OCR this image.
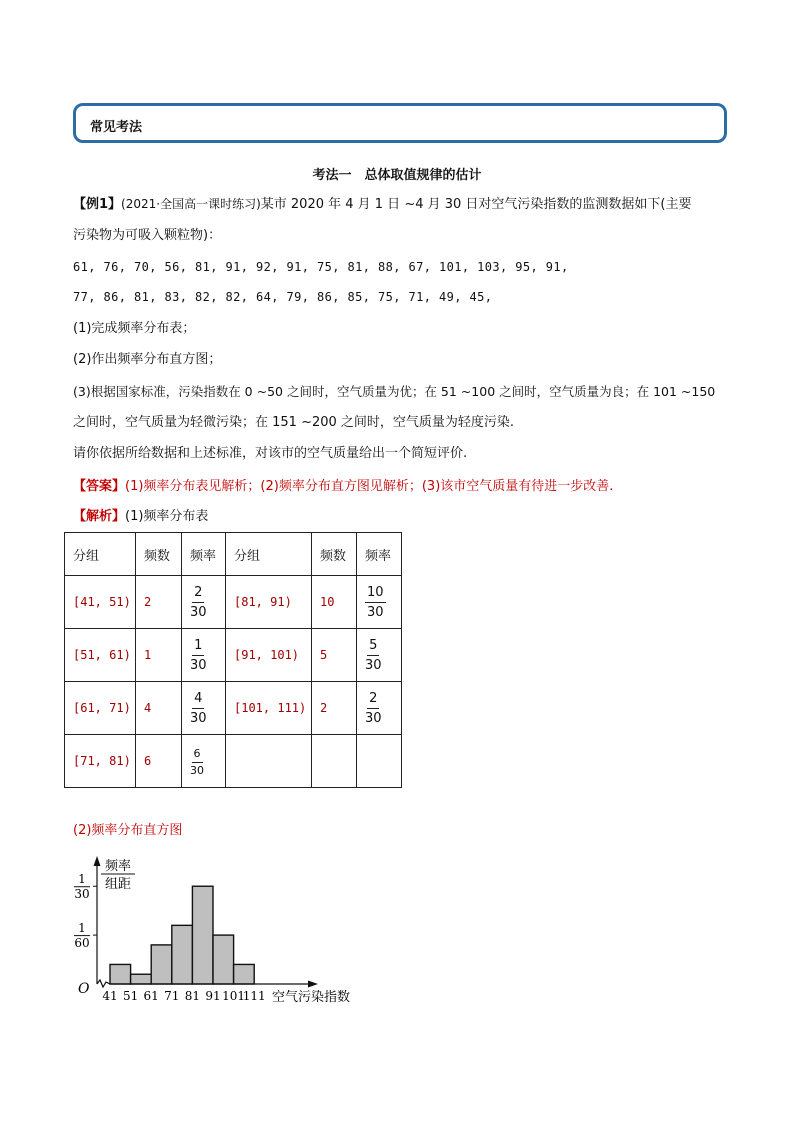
常见考法
考法一　总体取值规律的估计
【例1】(2021·全国高一课时练习)某市 2020 年 4 月 1 日 ~4 月 30 日对空气污染指数的监测数据如下(主要
污染物为可吸入颗粒物)：
61, 76, 70, 56, 81, 91, 92, 91, 75, 81, 88, 67, 101, 103, 95, 91,
77, 86, 81, 83, 82, 82, 64, 79, 86, 85, 75, 71, 49, 45,
(1)完成频率分布表；
(2)作出频率分布直方图；
(3)根据国家标准，污染指数在 0 ~50 之间时，空气质量为优；在 51 ~100 之间时，空气质量为良；在 101 ~150
之间时，空气质量为轻微污染；在 151 ~200 之间时，空气质量为轻度污染.
请你依据所给数据和上述标准，对该市的空气质量给出一个简短评价.
【答案】(1)频率分布表见解析；(2)频率分布直方图见解析；(3)该市空气质量有待进一步改善.
【解析】(1)频率分布表
分组	频数	频率	分组	频数	频率
[41, 51)	2	$\frac{2}{30}$	[81, 91)	10	$\frac{10}{30}$

[51, 61)	1	$\frac{1}{30}$	[91, 101)	5	$\frac{5}{30}$

[61, 71)	4	$\frac{4}{30}$	[101, 111)	2	$\frac{2}{30}$

[71, 81)	6	$\frac{6}{30}$

(2)频率分布直方图
O
1
30
1
60
频率
组距
41 51 61 71 81 91 101
111 空气污染指数
